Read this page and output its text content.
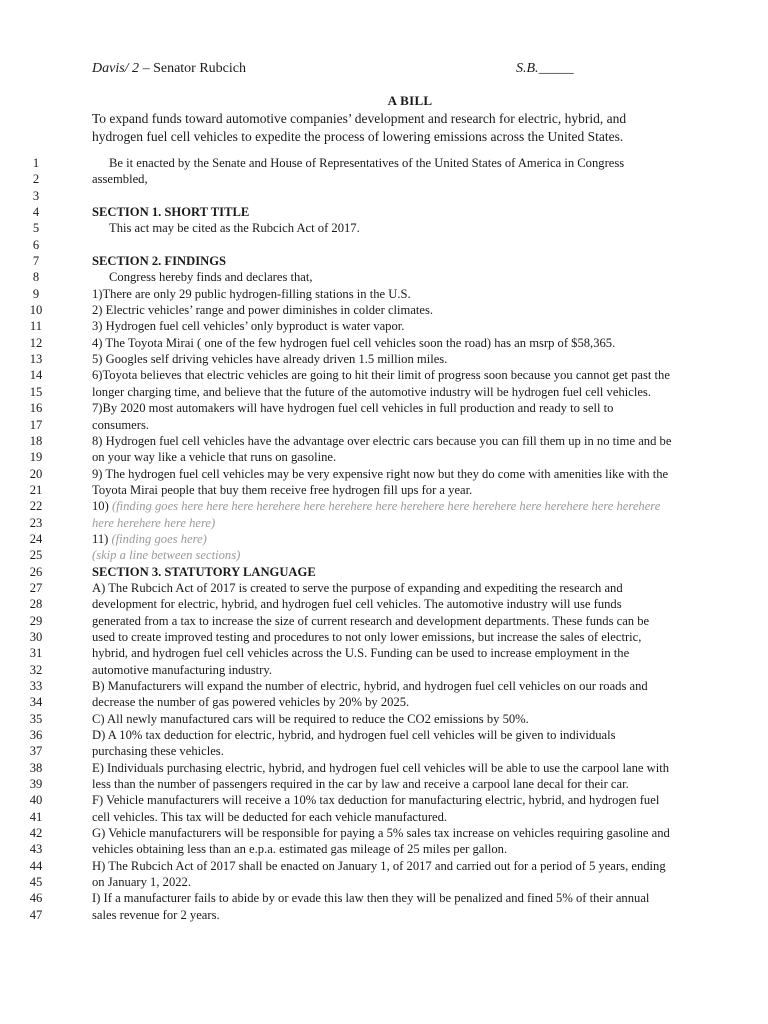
Davis/ 2 – Senator Rubcich	S.B._____
A BILL
To expand funds toward automotive companies’ development and research for electric, hybrid, and
hydrogen fuel cell vehicles to expedite the process of lowering emissions across the United States.
1	Be it enacted by the Senate and House of Representatives of the United States of America in Congress
2	assembled,
3
4	SECTION 1. SHORT TITLE
5	This act may be cited as the Rubcich Act of 2017.
6
7	SECTION 2. FINDINGS
8	Congress hereby finds and declares that,
9	1)There are only 29 public hydrogen-filling stations in the U.S.
10	2) Electric vehicles’ range and power diminishes in colder climates.
11	3) Hydrogen fuel cell vehicles’ only byproduct is water vapor.
12	4) The Toyota Mirai ( one of the few hydrogen fuel cell vehicles soon the road) has an msrp of $58,365.
13	5) Googles self driving vehicles have already driven 1.5 million miles.
14	6)Toyota believes that electric vehicles are going to hit their limit of progress soon because you cannot get past the
15	longer charging time, and believe that the future of the automotive industry will be hydrogen fuel cell vehicles.
16	7)By 2020 most automakers will have hydrogen fuel cell vehicles in full production and ready to sell to
17	consumers.
18	8) Hydrogen fuel cell vehicles have the advantage over electric cars because you can fill them up in no time and be
19	on your way like a vehicle that runs on gasoline.
20	9) The hydrogen fuel cell vehicles may be very expensive right now but they do come with amenities like with the
21	Toyota Mirai people that buy them receive free hydrogen fill ups for a year.
22	10) (finding goes here here here herehere here herehere here herehere here herehere here herehere here herehere
23	here herehere here here)
24	11) (finding goes here)
25	(skip a line between sections)
26	SECTION 3. STATUTORY LANGUAGE
27	A) The Rubcich Act of 2017 is created to serve the purpose of expanding and expediting the research and
28	development for electric, hybrid, and hydrogen fuel cell vehicles. The automotive industry will use funds
29	generated from a tax to increase the size of current research and development departments. These funds can be
30	used to create improved testing and procedures to not only lower emissions, but increase the sales of electric,
31	hybrid, and hydrogen fuel cell vehicles across the U.S. Funding can be used to increase employment in the
32	automotive manufacturing industry.
33	B) Manufacturers will expand the number of electric, hybrid, and hydrogen fuel cell vehicles on our roads and
34	decrease the number of gas powered vehicles by 20% by 2025.
35	C) All newly manufactured cars will be required to reduce the CO2 emissions by 50%.
36	D) A 10% tax deduction for electric, hybrid, and hydrogen fuel cell vehicles will be given to individuals
37	purchasing these vehicles.
38	E) Individuals purchasing electric, hybrid, and hydrogen fuel cell vehicles will be able to use the carpool lane with
39	less than the number of passengers required in the car by law and receive a carpool lane decal for their car.
40	F) Vehicle manufacturers will receive a 10% tax deduction for manufacturing electric, hybrid, and hydrogen fuel
41	cell vehicles. This tax will be deducted for each vehicle manufactured.
42	G) Vehicle manufacturers will be responsible for paying a 5% sales tax increase on vehicles requiring gasoline and
43	vehicles obtaining less than an e.p.a. estimated gas mileage of 25 miles per gallon.
44	H) The Rubcich Act of 2017 shall be enacted on January 1, of 2017 and carried out for a period of 5 years, ending
45	on January 1, 2022.
46	I) If a manufacturer fails to abide by or evade this law then they will be penalized and fined 5% of their annual
47	sales revenue for 2 years.
